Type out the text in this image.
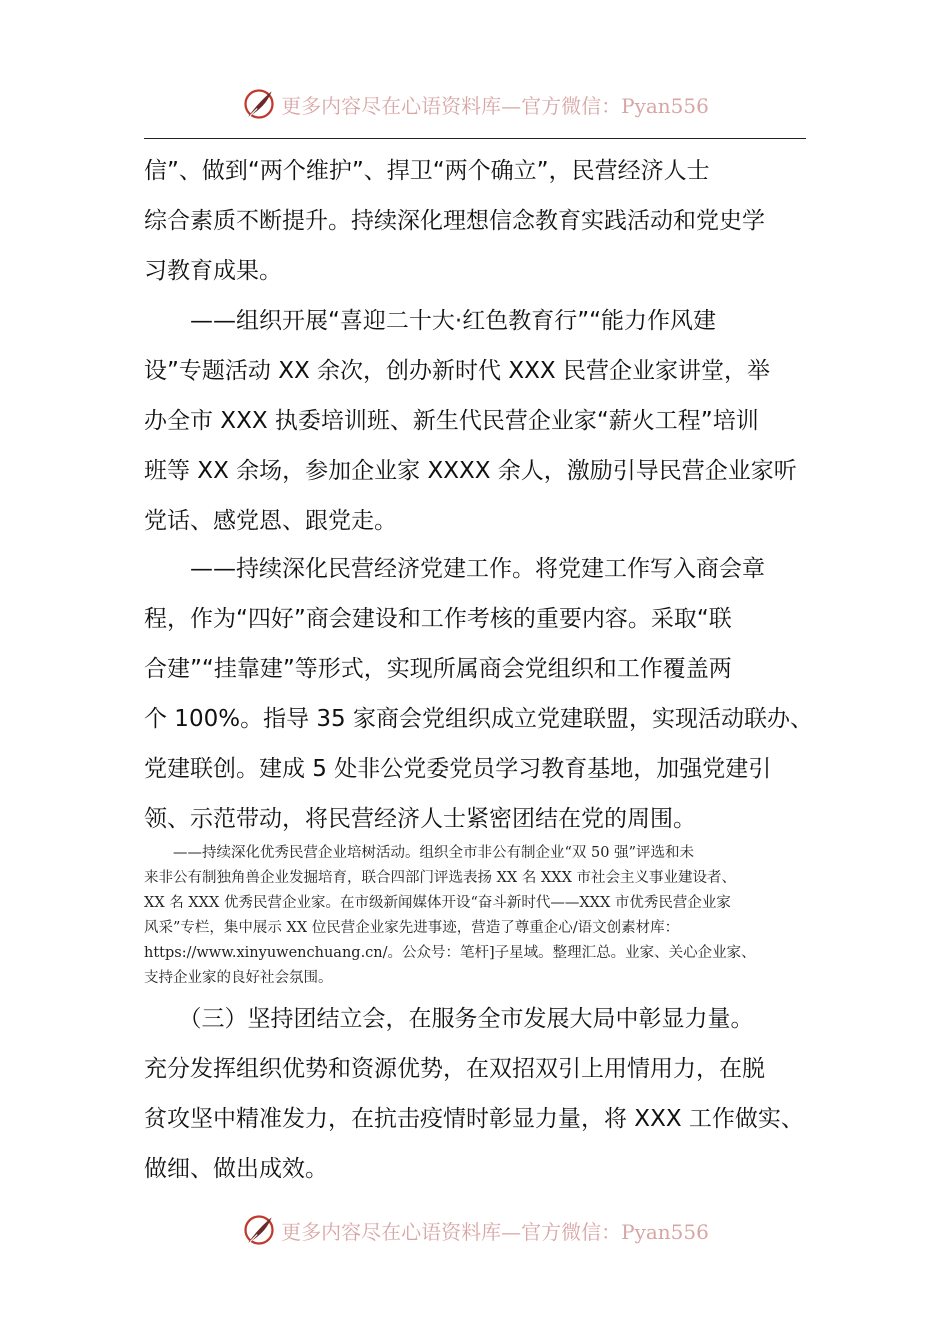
更多内容尽在心语资料库—官方微信：Pyan556
信”、做到“两个维护”、捍卫“两个确立”，民营经济人士
综合素质不断提升。持续深化理想信念教育实践活动和党史学
习教育成果。
　　——组织开展“喜迎二十大·红色教育行”“能力作风建
设”专题活动 XX 余次，创办新时代 XXX 民营企业家讲堂，举
办全市 XXX 执委培训班、新生代民营企业家“薪火工程”培训
班等 XX 余场，参加企业家 XXXX 余人，激励引导民营企业家听
党话、感党恩、跟党走。
　　——持续深化民营经济党建工作。将党建工作写入商会章
程，作为“四好”商会建设和工作考核的重要内容。采取“联
合建”“挂靠建”等形式，实现所属商会党组织和工作覆盖两
个 100%。指导 35 家商会党组织成立党建联盟，实现活动联办、
党建联创。建成 5 处非公党委党员学习教育基地，加强党建引
领、示范带动，将民营经济人士紧密团结在党的周围。
　　——持续深化优秀民营企业培树活动。组织全市非公有制企业“双 50 强”评选和未
来非公有制独角兽企业发掘培育，联合四部门评选表扬 XX 名 XXX 市社会主义事业建设者、
XX 名 XXX 优秀民营企业家。在市级新闻媒体开设“奋斗新时代——XXX 市优秀民营企业家
风采”专栏，集中展示 XX 位民营企业家先进事迹，营造了尊重企心/语文创素材库：
https://www.xinyuwenchuang.cn/。公众号：笔杆]子星域。整理汇总。业家、关心企业家、
支持企业家的良好社会氛围。
　　（三）坚持团结立会，在服务全市发展大局中彰显力量。
充分发挥组织优势和资源优势，在双招双引上用情用力，在脱
贫攻坚中精准发力，在抗击疫情时彰显力量，将 XXX 工作做实、
做细、做出成效。
更多内容尽在心语资料库—官方微信：Pyan556
